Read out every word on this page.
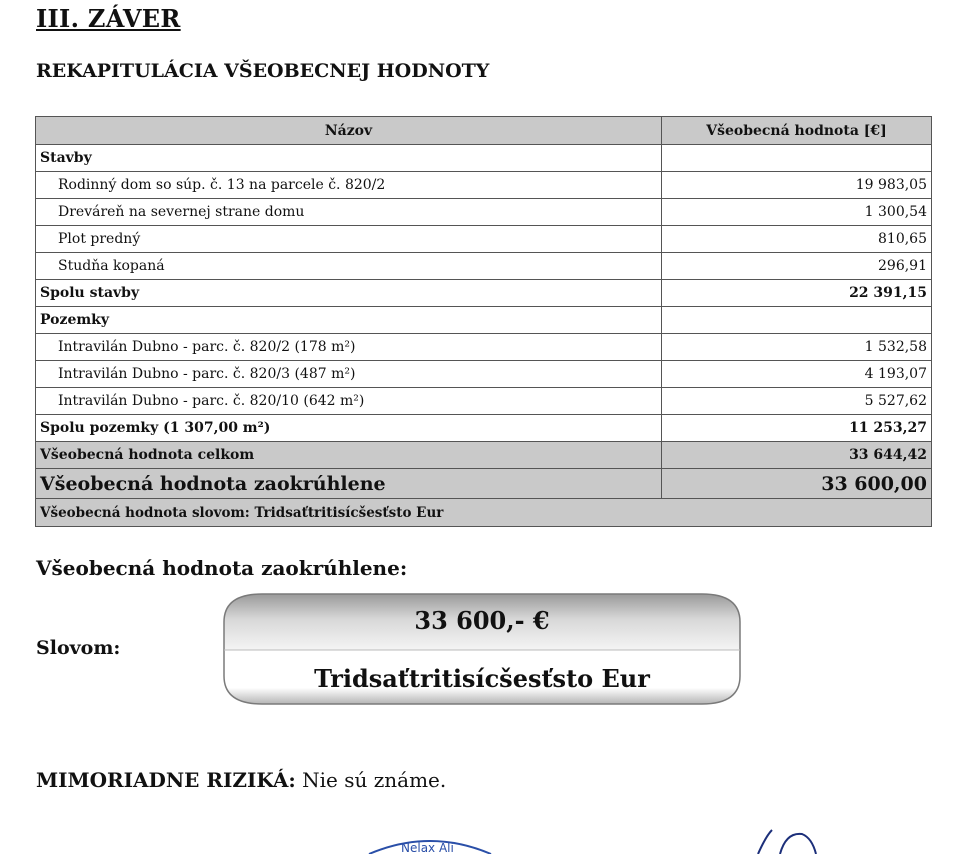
III. ZÁVER
REKAPITULÁCIA VŠEOBECNEJ HODNOTY
Názov	Všeobecná hodnota [€]
Stavby	
Rodinný dom so súp. č. 13 na parcele č. 820/2	19 983,05
Dreváreň na severnej strane domu	1 300,54
Plot predný	810,65
Studňa kopaná	296,91
Spolu stavby	22 391,15
Pozemky	
Intravilán Dubno - parc. č. 820/2 (178 m²)	1 532,58
Intravilán Dubno - parc. č. 820/3 (487 m²)	4 193,07
Intravilán Dubno - parc. č. 820/10 (642 m²)	5 527,62
Spolu pozemky (1 307,00 m²)	11 253,27
Všeobecná hodnota celkom	33 644,42
Všeobecná hodnota zaokrúhlene	33 600,00
Všeobecná hodnota slovom: Tridsaťtritisícšesťsto Eur	
Všeobecná hodnota zaokrúhlene:
Slovom:
33 600,- €
Tridsaťtritisícšesťsto Eur
MIMORIADNE RIZIKÁ: Nie sú známe.
Nelax Ali
